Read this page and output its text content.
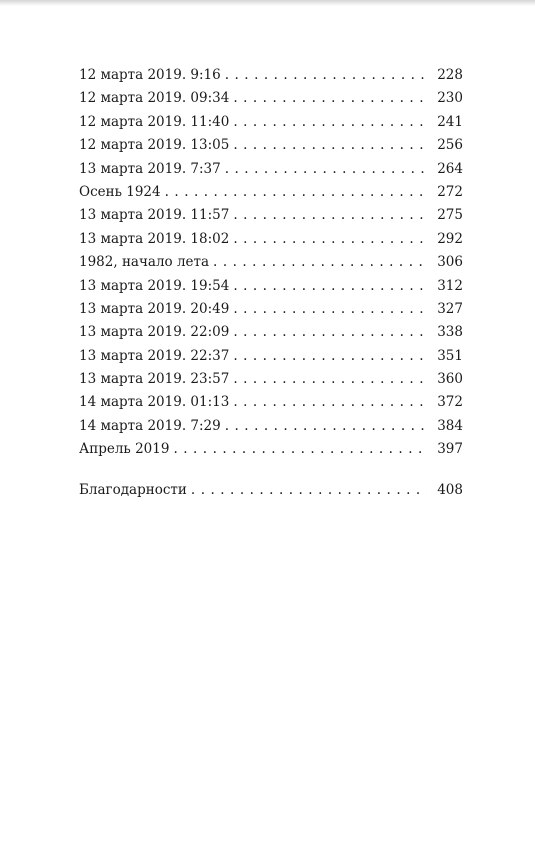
12 марта 2019. 9:16 . . .	228
12 марта 2019. 09:34 . . .	230
12 марта 2019. 11:40 . . .	241
12 марта 2019. 13:05 . . .	256
13 марта 2019. 7:37 . . .	264
Осень 1924 . . .	272
13 марта 2019. 11:57 . . .	275
13 марта 2019. 18:02 . . .	292
1982, начало лета . . .	306
13 марта 2019. 19:54 . . .	312
13 марта 2019. 20:49 . . .	327
13 марта 2019. 22:09 . . .	338
13 марта 2019. 22:37 . . .	351
13 марта 2019. 23:57 . . .	360
14 марта 2019. 01:13 . . .	372
14 марта 2019. 7:29 . . .	384
Апрель 2019 . . .	397
Благодарности . . .	408
